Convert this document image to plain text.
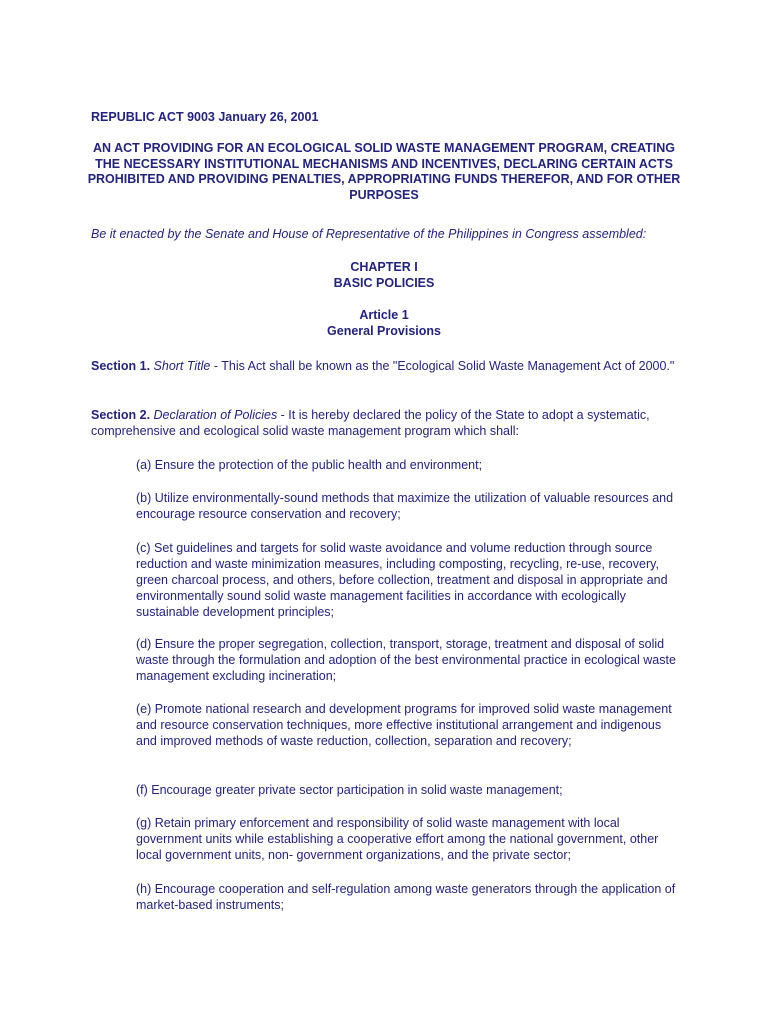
REPUBLIC ACT 9003 January 26, 2001
AN ACT PROVIDING FOR AN ECOLOGICAL SOLID WASTE MANAGEMENT PROGRAM, CREATING THE NECESSARY INSTITUTIONAL MECHANISMS AND INCENTIVES, DECLARING CERTAIN ACTS PROHIBITED AND PROVIDING PENALTIES, APPROPRIATING FUNDS THEREFOR, AND FOR OTHER PURPOSES
Be it enacted by the Senate and House of Representative of the Philippines in Congress assembled:
CHAPTER I
BASIC POLICIES
Article 1
General Provisions
Section 1. Short Title - This Act shall be known as the "Ecological Solid Waste Management Act of 2000."
Section 2. Declaration of Policies - It is hereby declared the policy of the State to adopt a systematic, comprehensive and ecological solid waste management program which shall:
(a) Ensure the protection of the public health and environment;
(b) Utilize environmentally-sound methods that maximize the utilization of valuable resources and encourage resource conservation and recovery;
(c) Set guidelines and targets for solid waste avoidance and volume reduction through source reduction and waste minimization measures, including composting, recycling, re-use, recovery, green charcoal process, and others, before collection, treatment and disposal in appropriate and environmentally sound solid waste management facilities in accordance with ecologically sustainable development principles;
(d) Ensure the proper segregation, collection, transport, storage, treatment and disposal of solid waste through the formulation and adoption of the best environmental practice in ecological waste management excluding incineration;
(e) Promote national research and development programs for improved solid waste management and resource conservation techniques, more effective institutional arrangement and indigenous and improved methods of waste reduction, collection, separation and recovery;
(f) Encourage greater private sector participation in solid waste management;
(g) Retain primary enforcement and responsibility of solid waste management with local government units while establishing a cooperative effort among the national government, other local government units, non- government organizations, and the private sector;
(h) Encourage cooperation and self-regulation among waste generators through the application of market-based instruments;
